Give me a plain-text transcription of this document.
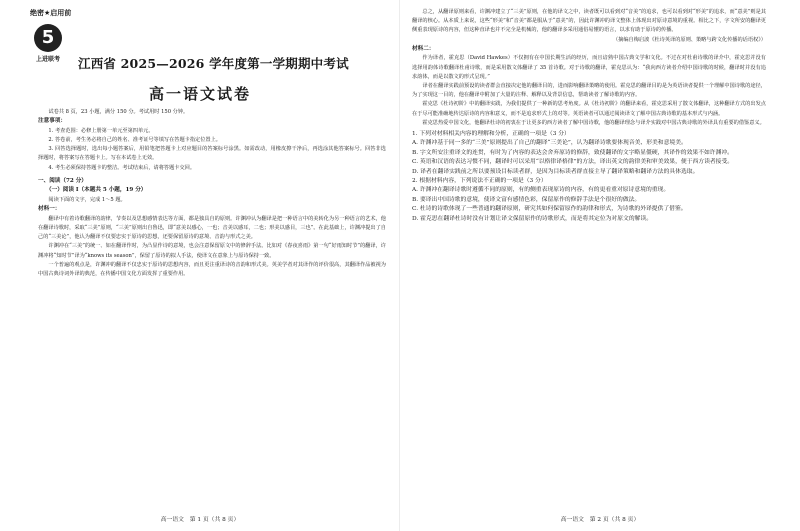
绝密★启用前
5
上进联考	江西省 2025—2026 学年度第一学期期中考试
高一语文试卷

试卷共 8 页，23 小题，满分 150 分。考试用时 150 分钟。

注意事项：

1. 考查范围：必修上册第一单元至第四单元。

2. 答卷前，考生务必将自己的姓名、准考证号等填写在答题卡指定位置上。

3. 回答选择题时，选出每小题答案后，用铅笔把答题卡上对应题目的答案标号涂黑。如需改动，用橡皮擦干净后，再选涂其他答案标号。回答非选择题时，将答案写在答题卡上。写在本试卷上无效。

4. 考生必须保持答题卡的整洁。考试结束后，请将答题卡交回。

一、阅读（72 分）

（一）阅读 Ⅰ（本题共 5 小题，19 分）

阅读下面的文字，完成 1～5 题。

材料一：

翻译中有着诗歌翻译的韵律，节奏以及思想感情表达等方面，都是独具自的原则。许渊冲认为翻译是把一种语言中的美转化为另一种语言的艺术，他在翻译诗歌时，采取“三美”原则，“三美”原则出自鲁迅，即“意美以感心，一也；音美以感耳，二也；形美以感目，三也”。在此基础上，许渊冲提出了自己的“三美论”，他认为翻译不仅要忠实于原诗的思想，还要保留原诗的意境、音韵与形式之美。

许渊冲在“三美”的统一、如在翻译作时，为凸显作诗的意境，也会注意保留原文中的修辞手法。比如对《春夜喜雨》第一句“好雨知时节”的翻译，许渊冲将“知时节”译为“knows its season”，保留了原诗的拟人手法，使译文在意象上与原诗保持一致。

一个普遍的观点是，许渊冲的翻译不仅忠实于原诗的思想内容，而且更注重译诗的音韵和形式美。英美学者对其译作的评价很高，其翻译作品被视为中国古典诗词外译的典范，在传播中国文化方面发挥了重要作用。

高一语文　第 1 页（共 8 页）

总之，从翻译原则来看，许渊冲建立了“三美”原则，在他的译文之中，读者既可以看到对“音美”的追求，也可以看到对“形美”的追求，而“意美”则是其翻译的核心。从本质上来说，这些“形美”和“音美”都是服从于“意美”的，因此许渊冲的译文整体上体现出对原诗意境的重视。相比之下，字文所安的翻译更侧重表现原诗的内容，但这种直译也并不完全是机械的，他的翻译多采用通俗易懂的语言，以求有助于原诗的传播。

（摘编自梅启波《杜诗英译的原则、策略与跨文化传播的话语权》）

材料二：

作为译者，霍克思（David Hawkes）不仅拥有在中国长期生活的经历，而且谙熟中国古典文学和文化。不过在对杜甫诗歌的译介中，霍克思并没有选择用韵体诗歌翻译杜甫诗歌，而是采用散文体翻译了 35 首诗歌。对于诗歌的翻译，霍克思认为：“我向西方读者介绍中国诗歌的时候，翻译时并没有追求韵体，而是以散文的形式呈现。”

译者在翻译实践前预设的读者群会直接决定他的翻译目的，进而影响翻译策略的使用。霍克思的翻译目的是为英语读者提供一个理解中国诗歌的途径，为了实现这一目的，他在翻译中附加了大量的注释、解释以及背景信息，帮助读者了解诗歌的内容。

霍克思《杜诗初阶》中的翻译实践，为我们提供了一种新的思考角度。从《杜诗初阶》的翻译来看，霍克思采用了散文体翻译，这种翻译方式的出发点在于尽可能准确地传达原诗的内容和意义，而不是追求形式上的对等。英语读者可以通过阅读译文了解中国古典诗歌的基本形式与内涵。

霍克思热爱中国文化，他翻译杜诗的初衷在于让更多的西方读者了解中国诗歌，他的翻译理念与译介实践对中国古典诗歌的外译具有重要的借鉴意义。

1. 下列对材料相关内容的理解和分析，正确的一项是（3 分）

A. 许渊冲基于同一多的“三美”原则提出了自己的翻译“三美论”，认为翻译诗歌要体现音美、形美和意境美。

B. 字文所安注重译文的连贯，有时为了内容的表达会舍弃原诗的修辞，致使翻译的文字略显僵硬，其译作的效果不如许渊冲。

C. 英语和汉语的表达习惯不同，翻译时可以采用“以格律译格律”的方法，译出英文的韵律美和审美效果，便于西方读者接受。

D. 译者在翻译实践前之所以要预设目标读者群，是因为目标读者群直接主导了翻译策略和翻译方法的具体选取。

2. 根据材料内容，下列说法不正确的一项是（3 分）

A. 许渊冲在翻译诗歌时遵循不同的原则，有的侧重表现原诗的内容，有的更看重对原诗意境的重现。

B. 要译出中国诗歌的意境，使译文富有感情色彩，保留原作的修辞手法是个很好的做法。

C. 杜诗的诗歌体现了一些普通的翻译原则，研究其如何保留原作的韵律和形式，为诗歌的外译提供了借鉴。

D. 霍克思在翻译杜诗时没有计划让译文保留原作的诗歌形式，而是将其定位为对原文的解读。

高一语文　第 2 页（共 8 页）
